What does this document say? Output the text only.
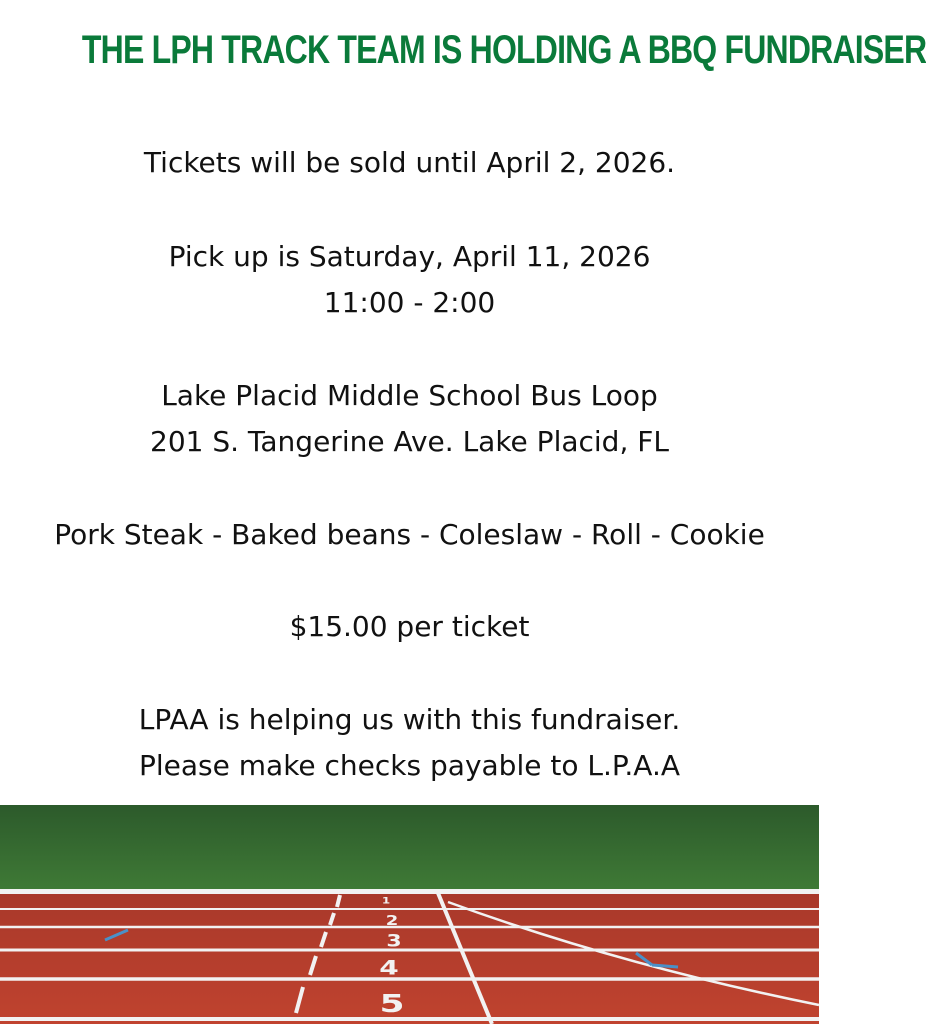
THE LPH TRACK TEAM IS HOLDING A BBQ FUNDRAISER
Tickets will be sold until April 2, 2026.
Pick up is Saturday, April 11, 2026
11:00 - 2:00
Lake Placid Middle School Bus Loop
201 S. Tangerine Ave. Lake Placid, FL
Pork Steak - Baked beans - Coleslaw - Roll - Cookie
$15.00 per ticket
LPAA is helping us with this fundraiser.
Please make checks payable to L.P.A.A
1
2
3
4
5
